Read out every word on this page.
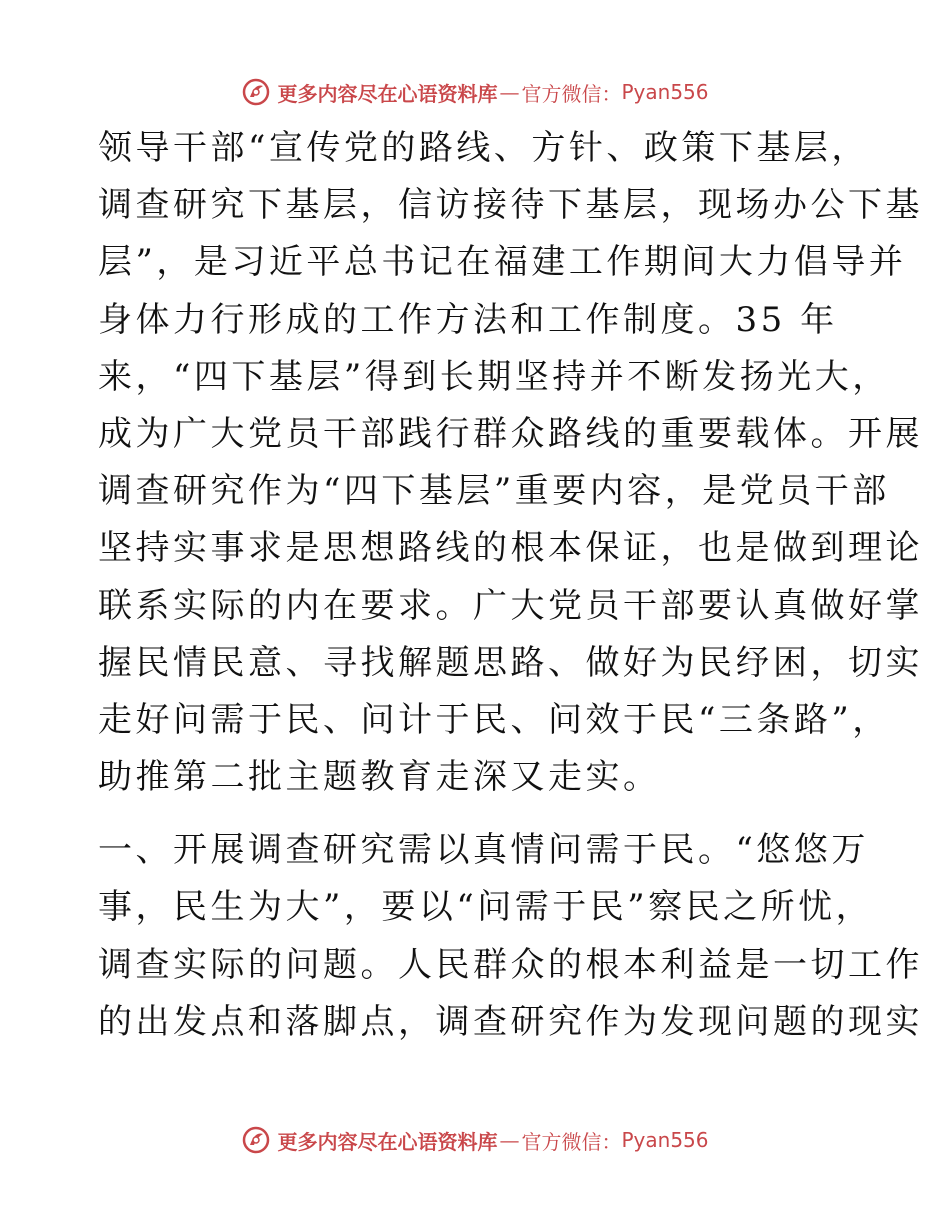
更多内容尽在心语资料库 — 官方微信： Pyan556
领导干部“宣传党的路线、方针、政策下基层，
调查研究下基层，信访接待下基层，现场办公下基
层”，是习近平总书记在福建工作期间大力倡导并
身体力行形成的工作方法和工作制度。35 年
来，“四下基层”得到长期坚持并不断发扬光大，
成为广大党员干部践行群众路线的重要载体。开展
调查研究作为“四下基层”重要内容，是党员干部
坚持实事求是思想路线的根本保证，也是做到理论
联系实际的内在要求。广大党员干部要认真做好掌
握民情民意、寻找解题思路、做好为民纾困，切实
走好问需于民、问计于民、问效于民“三条路”，
助推第二批主题教育走深又走实。
一、开展调查研究需以真情问需于民。“悠悠万
事，民生为大”，要以“问需于民”察民之所忧，
调查实际的问题。人民群众的根本利益是一切工作
的出发点和落脚点，调查研究作为发现问题的现实
更多内容尽在心语资料库 — 官方微信： Pyan556
